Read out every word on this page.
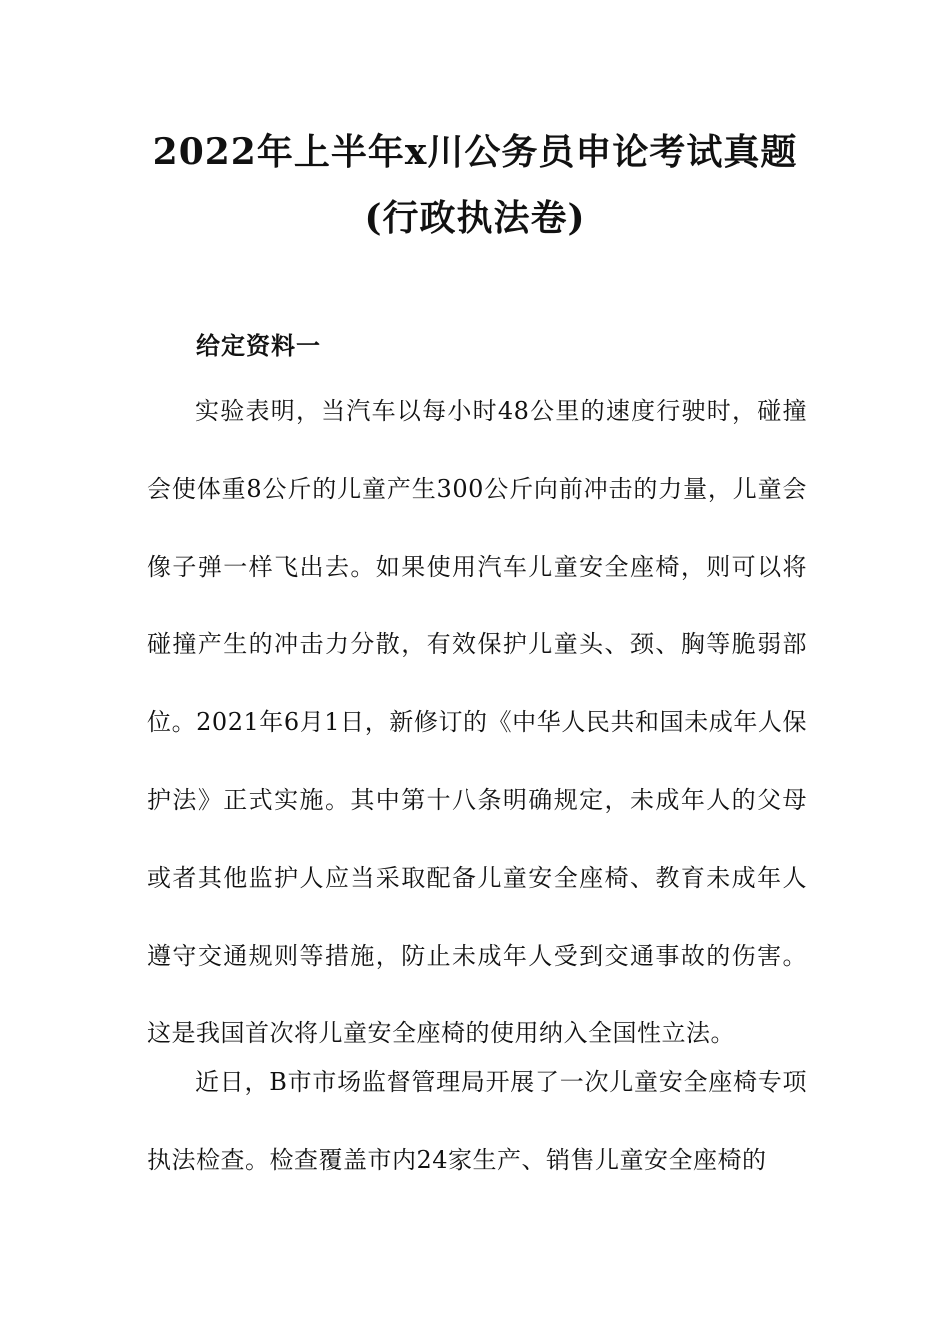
2022年上半年x川公务员申论考试真题
(行政执法卷)
给定资料一
实验表明，当汽车以每小时48公里的速度行驶时，碰撞会使体重8公斤的儿童产生300公斤向前冲击的力量，儿童会像子弹一样飞出去。如果使用汽车儿童安全座椅，则可以将碰撞产生的冲击力分散，有效保护儿童头、颈、胸等脆弱部位。2021年6月1日，新修订的《中华人民共和国未成年人保护法》正式实施。其中第十八条明确规定，未成年人的父母或者其他监护人应当采取配备儿童安全座椅、教育未成年人遵守交通规则等措施，防止未成年人受到交通事故的伤害。这是我国首次将儿童安全座椅的使用纳入全国性立法。
近日，B市市场监督管理局开展了一次儿童安全座椅专项执法检查。检查覆盖市内24家生产、销售儿童安全座椅的
